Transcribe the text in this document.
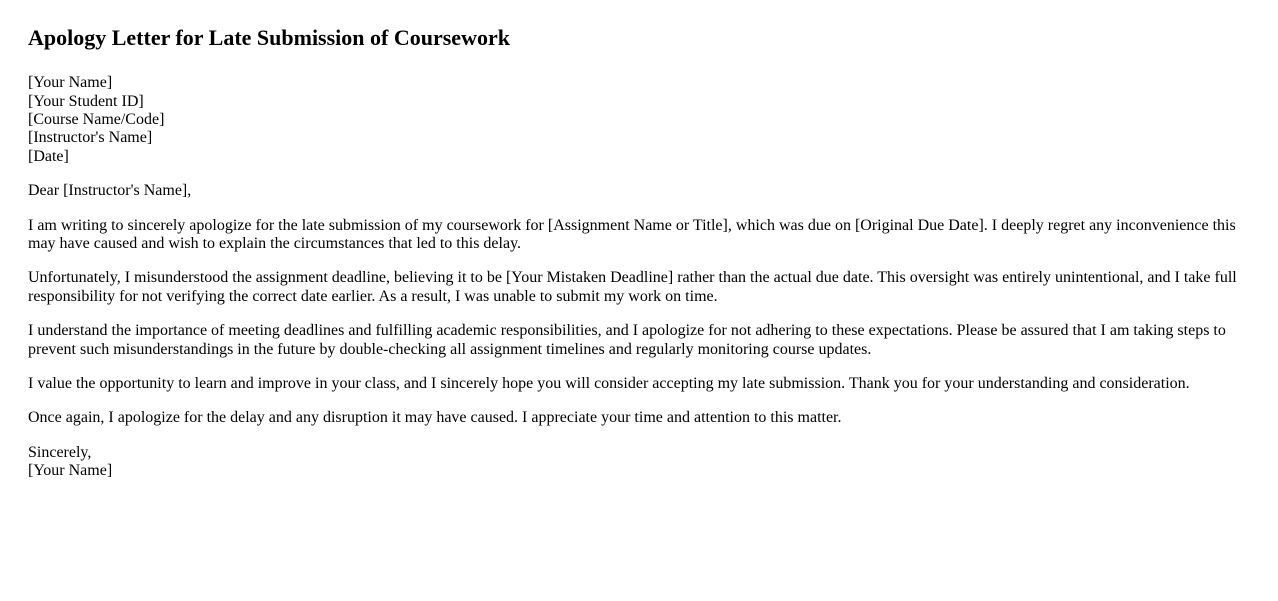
Apology Letter for Late Submission of Coursework

[Your Name]
[Your Student ID]
[Course Name/Code]
[Instructor's Name]
[Date]

Dear [Instructor's Name],

I am writing to sincerely apologize for the late submission of my coursework for [Assignment Name or Title], which was due on [Original Due Date]. I deeply regret any inconvenience this may have caused and wish to explain the circumstances that led to this delay.

Unfortunately, I misunderstood the assignment deadline, believing it to be [Your Mistaken Deadline] rather than the actual due date. This oversight was entirely unintentional, and I take full responsibility for not verifying the correct date earlier. As a result, I was unable to submit my work on time.

I understand the importance of meeting deadlines and fulfilling academic responsibilities, and I apologize for not adhering to these expectations. Please be assured that I am taking steps to prevent such misunderstandings in the future by double-checking all assignment timelines and regularly monitoring course updates.

I value the opportunity to learn and improve in your class, and I sincerely hope you will consider accepting my late submission. Thank you for your understanding and consideration.

Once again, I apologize for the delay and any disruption it may have caused. I appreciate your time and attention to this matter.

Sincerely,
[Your Name]
